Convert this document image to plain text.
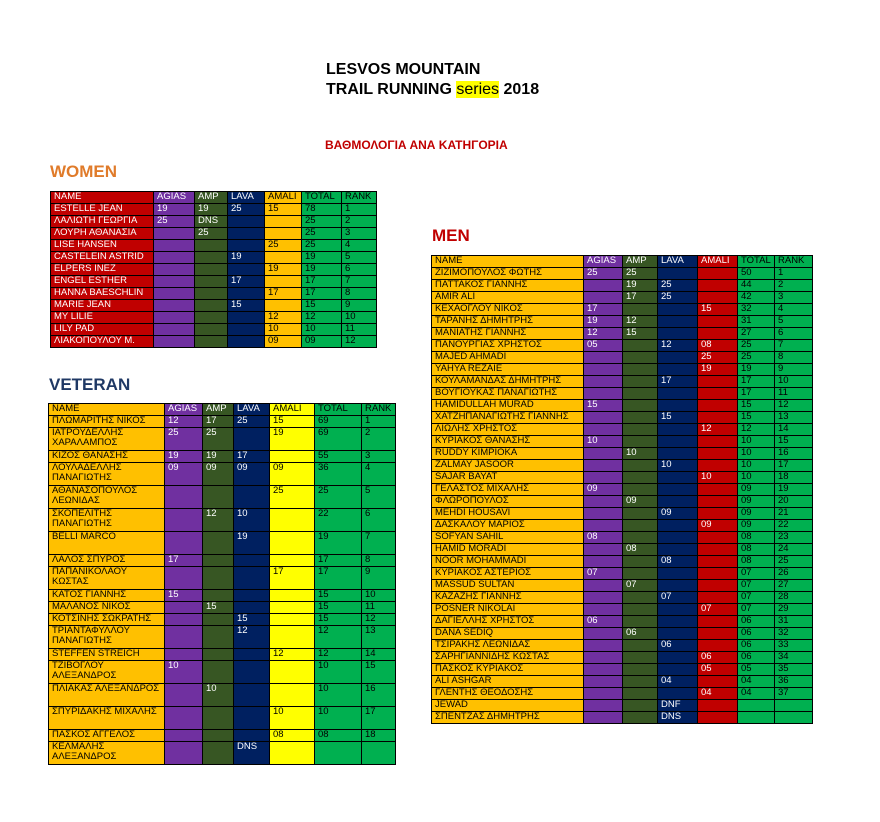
LESVOS MOUNTAIN
TRAIL RUNNING series 2018
ΒΑΘΜΟΛΟΓΙΑ ΑΝΑ ΚΑΤΗΓΟΡΙΑ
WOMEN
MEN
VETERAN
NAME	AGIAS	AMP	LAVA	AMALI	TOTAL	RANK
ESTELLE JEAN	19	19	25	15	78	1
ΛΑΛΙΩΤΗ ΓΕΩΡΓΙΑ	25	DNS			25	2
ΛΟΥΡΗ ΑΘΑΝΑΣΙΑ		25			25	3
LISE HANSEN				25	25	4
CASTELEIN ASTRID			19		19	5
ELPERS INEZ				19	19	6
ENGEL ESTHER			17		17	7
HANNA BAESCHLIN				17	17	8
MARIE JEAN			15		15	9
MY LILIE				12	12	10
LILY PAD				10	10	11
ΛΙΑΚΟΠΟΥΛΟΥ Μ.				09	09	12
NAME	AGIAS	AMP	LAVA	AMALI	TOTAL	RANK
ΖΙΖΙΜΟΠΟΥΛΟΣ ΦΩΤΗΣ	25	25			50	1
ΠΑΤΤΑΚΟΣ ΓΙΑΝΝΗΣ		19	25		44	2
AMIR ALI		17	25		42	3
ΚΕΧΑΟΓΛΟΥ ΝΙΚΟΣ	17			15	32	4
ΤΑΡΑΝΗΣ ΔΗΜΗΤΡΗΣ	19	12			31	5
ΜΑΝΙΑΤΗΣ ΓΙΑΝΝΗΣ	12	15			27	6
ΠΑΝΟΥΡΓΙΑΣ ΧΡΗΣΤΟΣ	05		12	08	25	7
MAJED AHMADI				25	25	8
YAHYA REZAIE				19	19	9
ΚΟΥΛΑΜΑΝΔΑΣ ΔΗΜΗΤΡΗΣ			17		17	10
ΒΟΥΓΙΟΥΚΑΣ ΠΑΝΑΓΙΩΤΗΣ					17	11
HAMIDULLAH MURAD	15				15	12
ΧΑΤΖΗΠΑΝΑΓΙΩΤΗΣ ΓΙΑΝΝΗΣ			15		15	13
ΛΙΩΛΗΣ ΧΡΗΣΤΟΣ				12	12	14
ΚΥΡΙΑΚΟΣ ΘΑΝΑΣΗΣ	10				10	15
RUDDY KIMPIOKA		10			10	16
ZALMAY JASOOR			10		10	17
SAJAR BAYAT				10	10	18
ΓΕΛΑΣΤΟΣ ΜΙΧΑΛΗΣ	09				09	19
ΦΛΩΡΟΠΟΥΛΟΣ		09			09	20
MEHDI HOUSAVI			09		09	21
ΔΑΣΚΑΛΟΥ ΜΑΡΙΟΣ				09	09	22
SOFYAN SAHIL	08				08	23
HAMID MORADI		08			08	24
NOOR MOHAMMADI			08		08	25
ΚΥΡΙΑΚΟΣ ΑΣΤΕΡΙΟΣ	07				07	26
MASSUD SULTAN		07			07	27
ΚΑΖΑΖΗΣ ΓΙΑΝΝΗΣ			07		07	28
POSNER NIKOLAI				07	07	29
ΔΑΓΙΕΛΛΗΣ ΧΡΗΣΤΟΣ	06				06	31
DANA SEDIQ		06			06	32
ΤΣΙΡΑΚΗΣ ΛΕΩΝΙΔΑΣ			06		06	33
ΣΑΡΗΓΙΑΝΝΙΔΗΣ ΚΩΣΤΑΣ				06	06	34
ΠΑΣΚΟΣ ΚΥΡΙΑΚΟΣ				05	05	35
ALI ASHGAR			04		04	36
ΓΛΕΝΤΗΣ ΘΕΟΔΟΣΗΣ				04	04	37
JEWAD			DNF			
ΣΠΕΝΤΖΑΣ ΔΗΜΗΤΡΗΣ			DNS			
NAME	AGIAS	AMP	LAVA	AMALI	TOTAL	RANK
ΠΛΩΜΑΡΙΤΗΣ ΝΙΚΟΣ	12	17	25	15	69	1
ΙΑΤΡΟΥΔΕΛΛΗΣ ΧΑΡΑΛΑΜΠΟΣ	25	25		19	69	2
ΚΙΖΟΣ ΘΑΝΑΣΗΣ	19	19	17		55	3
ΛΟΥΛΑΔΕΛΛΗΣ ΠΑΝΑΓΙΩΤΗΣ	09	09	09	09	36	4
ΑΘΑΝΑΣΟΠΟΥΛΟΣ ΛΕΩΝΙΔΑΣ				25	25	5
ΣΚΟΠΕΛΙΤΗΣ ΠΑΝΑΓΙΩΤΗΣ		12	10		22	6
BELLI MARCO			19		19	7
ΛΑΛΟΣ ΣΠΥΡΟΣ	17				17	8
ΠΑΠΑΝΙΚΟΛΑΟΥ ΚΩΣΤΑΣ				17	17	9
ΚΑΤΟΣ ΓΙΑΝΝΗΣ	15				15	10
ΜΑΛΑΝΟΣ ΝΙΚΟΣ		15			15	11
ΚΟΤΣΙΝΗΣ ΣΩΚΡΑΤΗΣ			15		15	12
ΤΡΙΑΝΤΑΦΥΛΛΟΥ ΠΑΝΑΓΙΩΤΗΣ			12		12	13
STEFFEN STREICH				12	12	14
ΤΖΙΒΟΓΛΟΥ ΑΛΕΞΑΝΔΡΟΣ	10				10	15
ΠΛΙΑΚΑΣ ΑΛΕΞΑΝΔΡΟΣ		10			10	16
ΣΠΥΡΙΔΑΚΗΣ ΜΙΧΑΛΗΣ				10	10	17
ΠΑΣΚΟΣ ΑΓΓΕΛΟΣ				08	08	18
ΚΕΛΜΑΛΗΣ ΑΛΕΞΑΝΔΡΟΣ			DNS			
